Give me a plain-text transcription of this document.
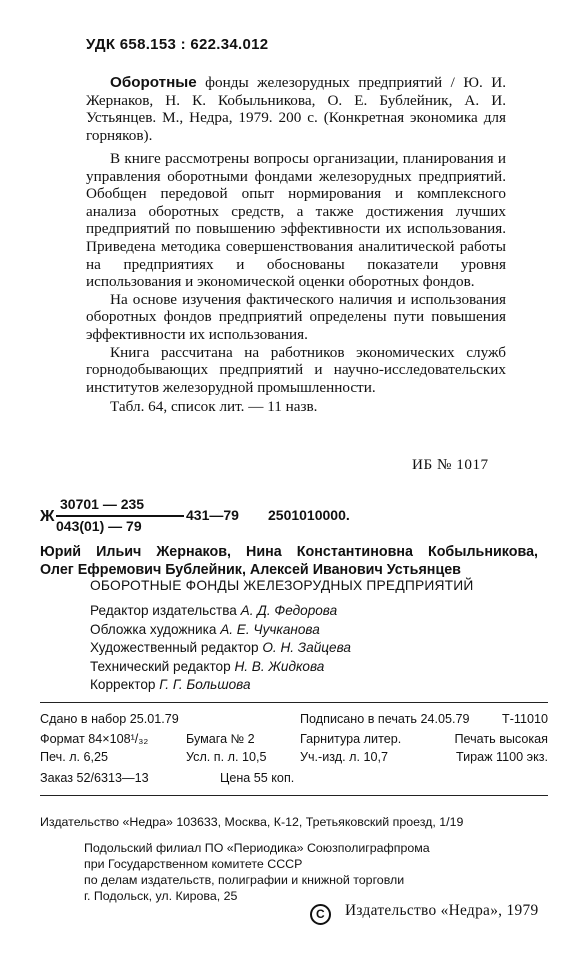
УДК 658.153 : 622.34.012

Оборотные фонды железорудных предприятий / Ю. И. Жернаков, Н. К. Кобыльникова, О. Е. Бублейник, А. И. Устьянцев. М., Недра, 1979. 200 с. (Конкретная экономика для горняков).

В книге рассмотрены вопросы организации, планирования и управления оборотными фондами железорудных предприятий. Обобщен передовой опыт нормирования и комплексного анализа оборотных средств, а также достижения лучших предприятий по повышению эффективности их использования. Приведена методика совершенствования аналитической работы на предприятиях и обоснованы показатели уровня использования и экономической оценки оборотных фондов.

На основе изучения фактического наличия и использования оборотных фондов предприятий определены пути повышения эффективности их использования.

Книга рассчитана на работников экономических служб горнодобывающих предприятий и научно-исследовательских институтов железорудной промышленности.

Табл. 64, список лит. — 11 назв.
ИБ № 1017
Ж
30701 — 235
043(01) — 79
431—79 2501010000.
Юрий Ильич Жернаков, Нина Константиновна Кобыльникова,
Олег Ефремович Бублейник, Алексей Иванович Устьянцев
ОБОРОТНЫЕ ФОНДЫ ЖЕЛЕЗОРУДНЫХ ПРЕДПРИЯТИЙ
Редактор издательства А. Д. Федорова
Обложка художника А. Е. Чучканова
Художественный редактор О. Н. Зайцева
Технический редактор Н. В. Жидкова
Корректор Г. Г. Большова
Сдано в набор 25.01.79	Подписано в печать 24.05.79	Т-11010
Формат 84×108¹/₃₂	Бумага № 2	Гарнитура литер.	Печать высокая
Печ. л. 6,25	Усл. п. л. 10,5	Уч.-изд. л. 10,7	Тираж 1100 экз.
Заказ 52/6313—13	Цена 55 коп.
Издательство «Недра» 103633, Москва, К-12, Третьяковский проезд, 1/19
Подольский филиал ПО «Периодика» Союзполиграфпрома
при Государственном комитете СССР
по делам издательств, полиграфии и книжной торговли
г. Подольск, ул. Кирова, 25
C Издательство «Недра», 1979
